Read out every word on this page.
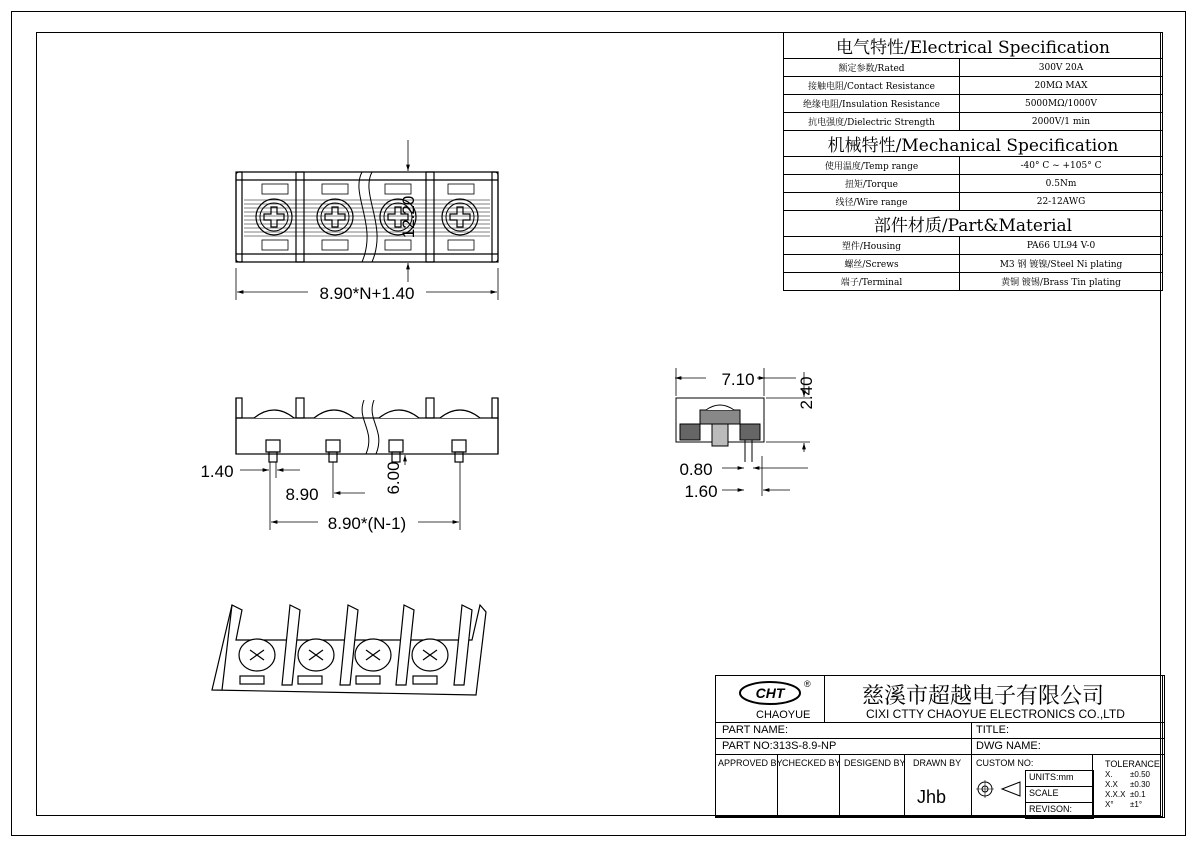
8.90*N+1.40
12.20
1.40
8.90	6.00
8.90*(N-1)
7.10 2.40
0.80
1.60
电气特性/Electrical Specification	
额定参数/Rated	300V 20A
接触电阻/Contact Resistance	20MΩ MAX
绝缘电阻/Insulation Resistance	5000MΩ/1000V
抗电强度/Dielectric Strength	2000V/1 min
机械特性/Mechanical Specification	
使用温度/Temp range	-40° C ~ +105° C
扭矩/Torque	0.5Nm
线径/Wire range	22-12AWG
部件材质/Part&Material	
塑件/Housing	PA66 UL94 V-0
螺丝/Screws	M3 钢 镀镍/Steel Ni plating
端子/Terminal	黄铜 镀锡/Brass Tin plating
CHT
®
CHAOYUE
慈溪市超越电子有限公司
CIXI CTTY CHAOYUE ELECTRONICS CO.,LTD
PART NAME:	TITLE:
PART NO:313S-8.9-NP	DWG NAME:
APPROVED BY CHECKED BY DESIGEND BY DRAWN BY
Jhb
CUSTOM NO:
UNITS:mm
SCALE
REVISON:
TOLERANCE
X. ±0.50
X.X ±0.30
X.X.X ±0.1
X° ±1°
